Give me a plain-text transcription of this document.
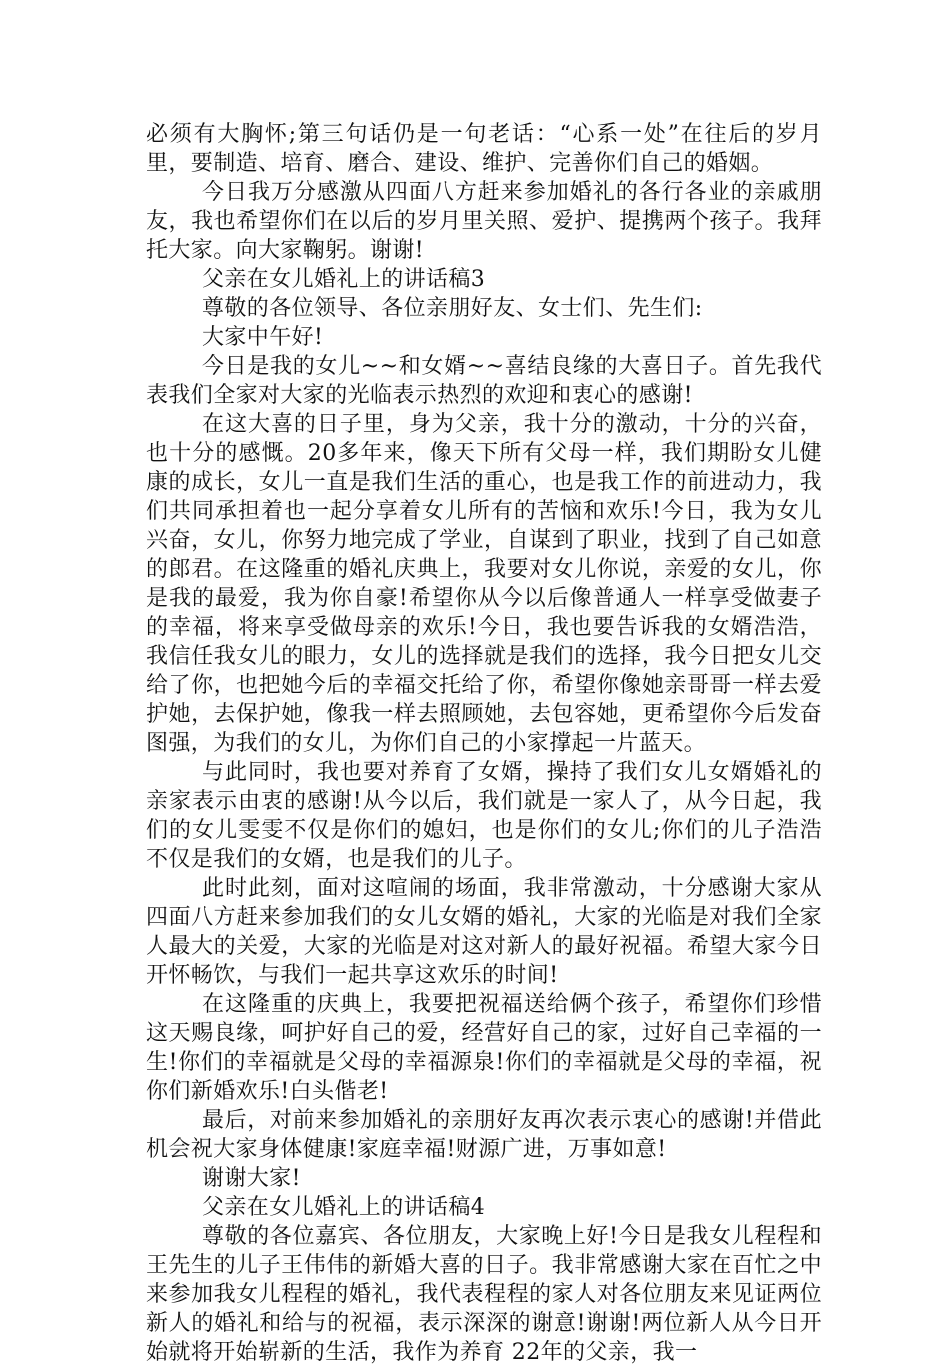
必须有大胸怀;第三句话仍是一句老话：“心系一处”在往后的岁月里，要制造、培育、磨合、建设、维护、完善你们自己的婚姻。

今日我万分感激从四面八方赶来参加婚礼的各行各业的亲戚朋友，我也希望你们在以后的岁月里关照、爱护、提携两个孩子。我拜托大家。向大家鞠躬。谢谢!

父亲在女儿婚礼上的讲话稿3

尊敬的各位领导、各位亲朋好友、女士们、先生们:

大家中午好!

今日是我的女儿~~和女婿~~喜结良缘的大喜日子。首先我代表我们全家对大家的光临表示热烈的欢迎和衷心的感谢!

在这大喜的日子里，身为父亲，我十分的激动，十分的兴奋，也十分的感慨。20多年来，像天下所有父母一样，我们期盼女儿健康的成长，女儿一直是我们生活的重心，也是我工作的前进动力，我们共同承担着也一起分享着女儿所有的苦恼和欢乐!今日，我为女儿兴奋，女儿，你努力地完成了学业，自谋到了职业，找到了自己如意的郎君。在这隆重的婚礼庆典上，我要对女儿你说，亲爱的女儿，你是我的最爱，我为你自豪!希望你从今以后像普通人一样享受做妻子的幸福，将来享受做母亲的欢乐!今日，我也要告诉我的女婿浩浩，我信任我女儿的眼力，女儿的选择就是我们的选择，我今日把女儿交给了你，也把她今后的幸福交托给了你，希望你像她亲哥哥一样去爱护她，去保护她，像我一样去照顾她，去包容她，更希望你今后发奋图强，为我们的女儿，为你们自己的小家撑起一片蓝天。

与此同时，我也要对养育了女婿，操持了我们女儿女婿婚礼的亲家表示由衷的感谢!从今以后，我们就是一家人了，从今日起，我们的女儿雯雯不仅是你们的媳妇，也是你们的女儿;你们的儿子浩浩不仅是我们的女婿，也是我们的儿子。

此时此刻，面对这喧闹的场面，我非常激动，十分感谢大家从四面八方赶来参加我们的女儿女婿的婚礼，大家的光临是对我们全家人最大的关爱，大家的光临是对这对新人的最好祝福。希望大家今日开怀畅饮，与我们一起共享这欢乐的时间!

在这隆重的庆典上，我要把祝福送给俩个孩子，希望你们珍惜这天赐良缘，呵护好自己的爱，经营好自己的家，过好自己幸福的一生!你们的幸福就是父母的幸福源泉!你们的幸福就是父母的幸福，祝你们新婚欢乐!白头偕老!

最后，对前来参加婚礼的亲朋好友再次表示衷心的感谢!并借此机会祝大家身体健康!家庭幸福!财源广进，万事如意!

谢谢大家!

父亲在女儿婚礼上的讲话稿4

尊敬的各位嘉宾、各位朋友，大家晚上好!今日是我女儿程程和王先生的儿子王伟伟的新婚大喜的日子。我非常感谢大家在百忙之中来参加我女儿程程的婚礼，我代表程程的家人对各位朋友来见证两位新人的婚礼和给与的祝福，表示深深的谢意!谢谢!两位新人从今日开始就将开始崭新的生活，我作为养育 22年的父亲，我一
